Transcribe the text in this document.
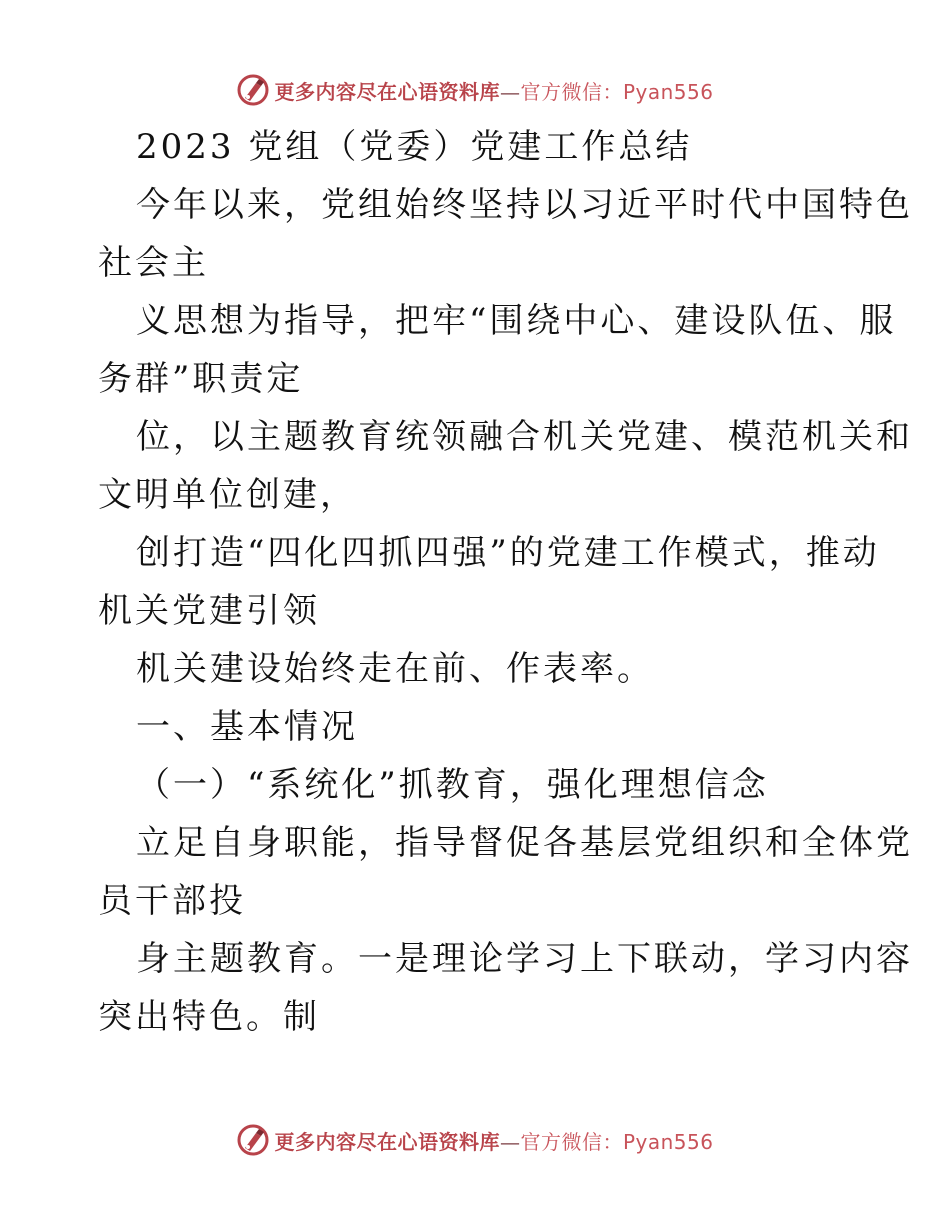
更多内容尽在心语资料库—官方微信：Pyan556
2023 党组（党委）党建工作总结
今年以来，党组始终坚持以习近平时代中国特色
社会主
义思想为指导，把牢“围绕中心、建设队伍、服
务群”职责定
位，以主题教育统领融合机关党建、模范机关和
文明单位创建，
创打造“四化四抓四强”的党建工作模式，推动
机关党建引领
机关建设始终走在前、作表率。
一、基本情况
（一）“系统化”抓教育，强化理想信念
立足自身职能，指导督促各基层党组织和全体党
员干部投
身主题教育。一是理论学习上下联动，学习内容
突出特色。制
更多内容尽在心语资料库—官方微信：Pyan556
